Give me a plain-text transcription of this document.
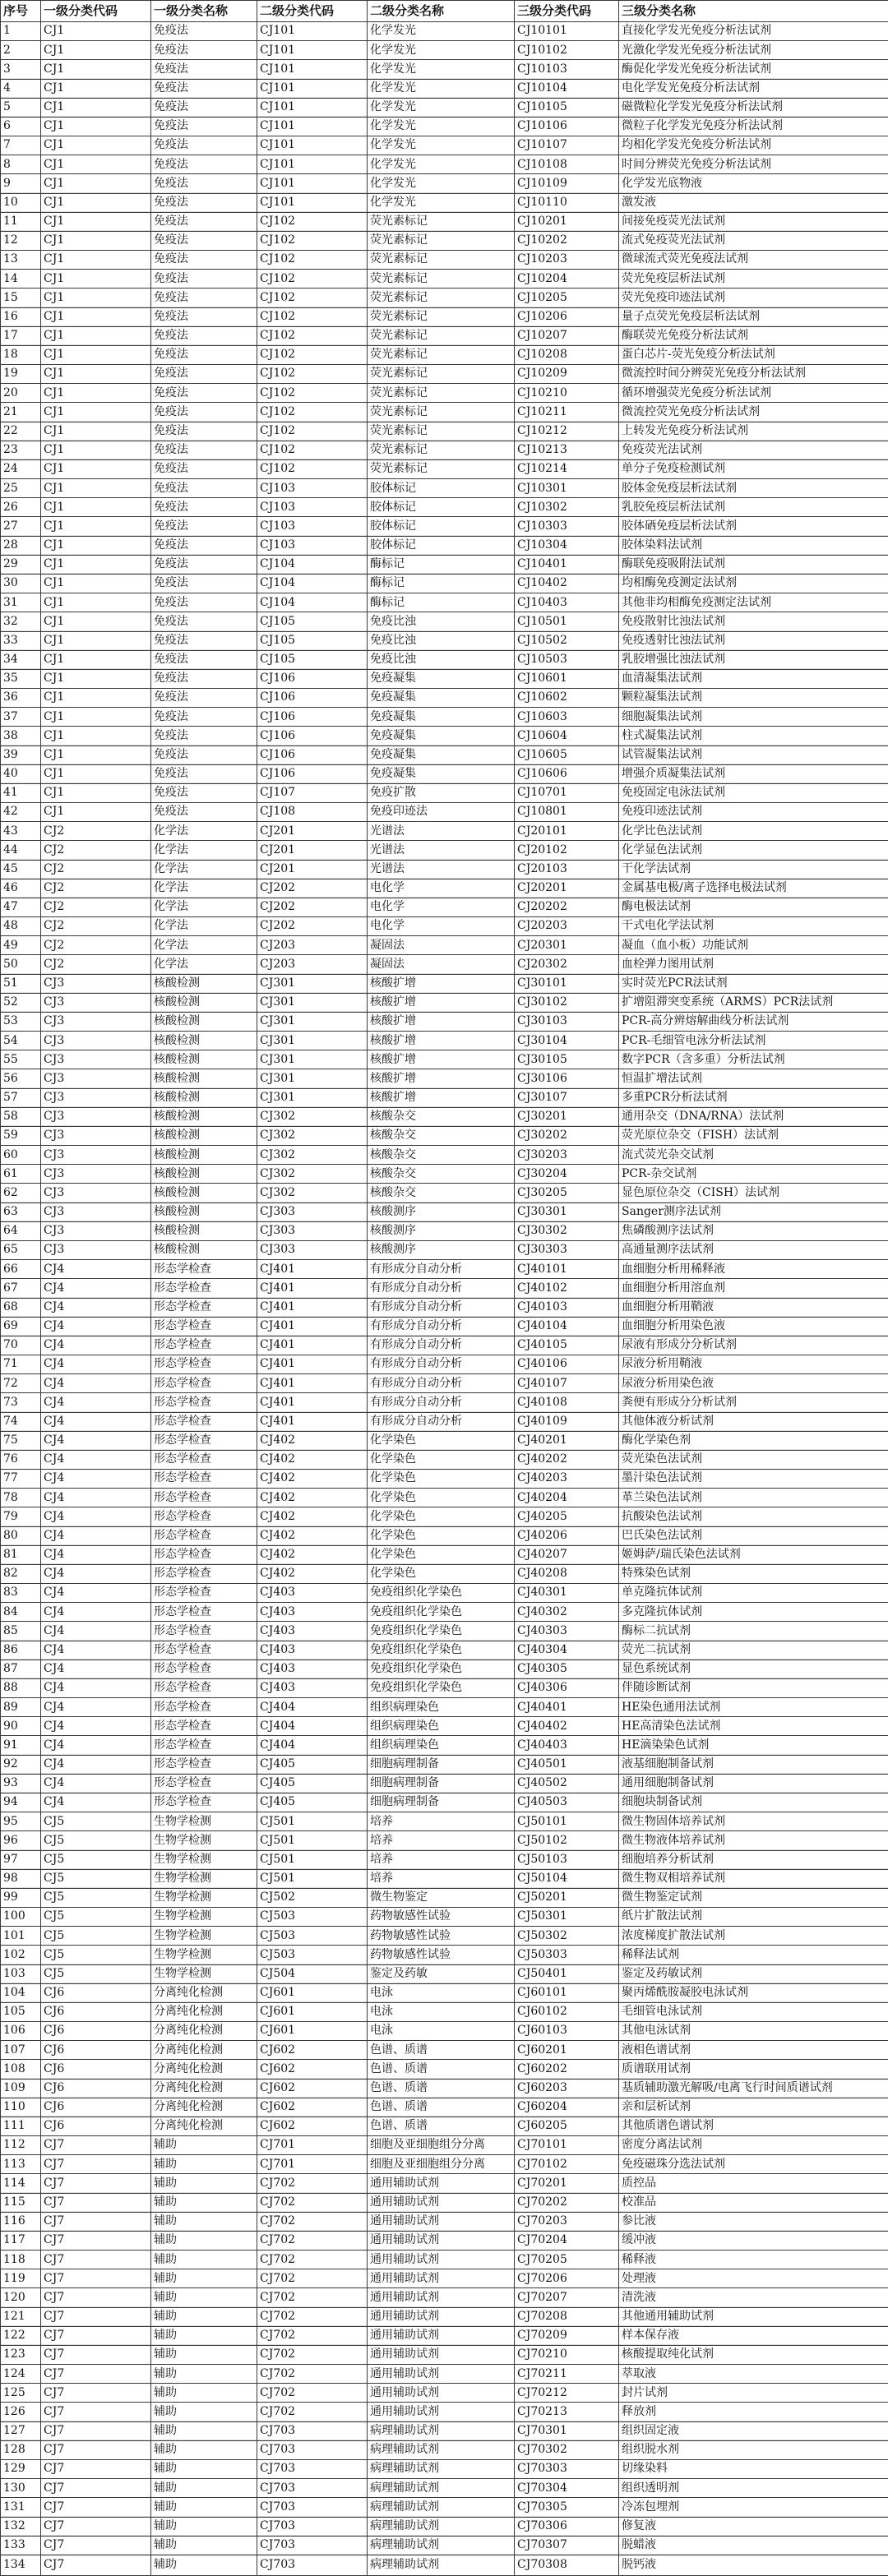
序号	一级分类代码	一级分类名称	二级分类代码	二级分类名称	三级分类代码	三级分类名称
1	CJ1	免疫法	CJ101	化学发光	CJ10101	直接化学发光免疫分析法试剂
2	CJ1	免疫法	CJ101	化学发光	CJ10102	光激化学发光免疫分析法试剂
3	CJ1	免疫法	CJ101	化学发光	CJ10103	酶促化学发光免疫分析法试剂
4	CJ1	免疫法	CJ101	化学发光	CJ10104	电化学发光免疫分析法试剂
5	CJ1	免疫法	CJ101	化学发光	CJ10105	磁微粒化学发光免疫分析法试剂
6	CJ1	免疫法	CJ101	化学发光	CJ10106	微粒子化学发光免疫分析法试剂
7	CJ1	免疫法	CJ101	化学发光	CJ10107	均相化学发光免疫分析法试剂
8	CJ1	免疫法	CJ101	化学发光	CJ10108	时间分辨荧光免疫分析法试剂
9	CJ1	免疫法	CJ101	化学发光	CJ10109	化学发光底物液
10	CJ1	免疫法	CJ101	化学发光	CJ10110	激发液
11	CJ1	免疫法	CJ102	荧光素标记	CJ10201	间接免疫荧光法试剂
12	CJ1	免疫法	CJ102	荧光素标记	CJ10202	流式免疫荧光法试剂
13	CJ1	免疫法	CJ102	荧光素标记	CJ10203	微球流式荧光免疫法试剂
14	CJ1	免疫法	CJ102	荧光素标记	CJ10204	荧光免疫层析法试剂
15	CJ1	免疫法	CJ102	荧光素标记	CJ10205	荧光免疫印迹法试剂
16	CJ1	免疫法	CJ102	荧光素标记	CJ10206	量子点荧光免疫层析法试剂
17	CJ1	免疫法	CJ102	荧光素标记	CJ10207	酶联荧光免疫分析法试剂
18	CJ1	免疫法	CJ102	荧光素标记	CJ10208	蛋白芯片-荧光免疫分析法试剂
19	CJ1	免疫法	CJ102	荧光素标记	CJ10209	微流控时间分辨荧光免疫分析法试剂
20	CJ1	免疫法	CJ102	荧光素标记	CJ10210	循环增强荧光免疫分析法试剂
21	CJ1	免疫法	CJ102	荧光素标记	CJ10211	微流控荧光免疫分析法试剂
22	CJ1	免疫法	CJ102	荧光素标记	CJ10212	上转发光免疫分析法试剂
23	CJ1	免疫法	CJ102	荧光素标记	CJ10213	免疫荧光法试剂
24	CJ1	免疫法	CJ102	荧光素标记	CJ10214	单分子免疫检测试剂
25	CJ1	免疫法	CJ103	胶体标记	CJ10301	胶体金免疫层析法试剂
26	CJ1	免疫法	CJ103	胶体标记	CJ10302	乳胶免疫层析法试剂
27	CJ1	免疫法	CJ103	胶体标记	CJ10303	胶体硒免疫层析法试剂
28	CJ1	免疫法	CJ103	胶体标记	CJ10304	胶体染料法试剂
29	CJ1	免疫法	CJ104	酶标记	CJ10401	酶联免疫吸附法试剂
30	CJ1	免疫法	CJ104	酶标记	CJ10402	均相酶免疫测定法试剂
31	CJ1	免疫法	CJ104	酶标记	CJ10403	其他非均相酶免疫测定法试剂
32	CJ1	免疫法	CJ105	免疫比浊	CJ10501	免疫散射比浊法试剂
33	CJ1	免疫法	CJ105	免疫比浊	CJ10502	免疫透射比浊法试剂
34	CJ1	免疫法	CJ105	免疫比浊	CJ10503	乳胶增强比浊法试剂
35	CJ1	免疫法	CJ106	免疫凝集	CJ10601	血清凝集法试剂
36	CJ1	免疫法	CJ106	免疫凝集	CJ10602	颗粒凝集法试剂
37	CJ1	免疫法	CJ106	免疫凝集	CJ10603	细胞凝集法试剂
38	CJ1	免疫法	CJ106	免疫凝集	CJ10604	柱式凝集法试剂
39	CJ1	免疫法	CJ106	免疫凝集	CJ10605	试管凝集法试剂
40	CJ1	免疫法	CJ106	免疫凝集	CJ10606	增强介质凝集法试剂
41	CJ1	免疫法	CJ107	免疫扩散	CJ10701	免疫固定电泳法试剂
42	CJ1	免疫法	CJ108	免疫印迹法	CJ10801	免疫印迹法试剂
43	CJ2	化学法	CJ201	光谱法	CJ20101	化学比色法试剂
44	CJ2	化学法	CJ201	光谱法	CJ20102	化学显色法试剂
45	CJ2	化学法	CJ201	光谱法	CJ20103	干化学法试剂
46	CJ2	化学法	CJ202	电化学	CJ20201	金属基电极/离子选择电极法试剂
47	CJ2	化学法	CJ202	电化学	CJ20202	酶电极法试剂
48	CJ2	化学法	CJ202	电化学	CJ20203	干式电化学法试剂
49	CJ2	化学法	CJ203	凝固法	CJ20301	凝血（血小板）功能试剂
50	CJ2	化学法	CJ203	凝固法	CJ20302	血栓弹力图用试剂
51	CJ3	核酸检测	CJ301	核酸扩增	CJ30101	实时荧光PCR法试剂
52	CJ3	核酸检测	CJ301	核酸扩增	CJ30102	扩增阻滞突变系统（ARMS）PCR法试剂
53	CJ3	核酸检测	CJ301	核酸扩增	CJ30103	PCR-高分辨熔解曲线分析法试剂
54	CJ3	核酸检测	CJ301	核酸扩增	CJ30104	PCR-毛细管电泳分析法试剂
55	CJ3	核酸检测	CJ301	核酸扩增	CJ30105	数字PCR（含多重）分析法试剂
56	CJ3	核酸检测	CJ301	核酸扩增	CJ30106	恒温扩增法试剂
57	CJ3	核酸检测	CJ301	核酸扩增	CJ30107	多重PCR分析法试剂
58	CJ3	核酸检测	CJ302	核酸杂交	CJ30201	通用杂交（DNA/RNA）法试剂
59	CJ3	核酸检测	CJ302	核酸杂交	CJ30202	荧光原位杂交（FISH）法试剂
60	CJ3	核酸检测	CJ302	核酸杂交	CJ30203	流式荧光杂交试剂
61	CJ3	核酸检测	CJ302	核酸杂交	CJ30204	PCR-杂交试剂
62	CJ3	核酸检测	CJ302	核酸杂交	CJ30205	显色原位杂交（CISH）法试剂
63	CJ3	核酸检测	CJ303	核酸测序	CJ30301	Sanger测序法试剂
64	CJ3	核酸检测	CJ303	核酸测序	CJ30302	焦磷酸测序法试剂
65	CJ3	核酸检测	CJ303	核酸测序	CJ30303	高通量测序法试剂
66	CJ4	形态学检查	CJ401	有形成分自动分析	CJ40101	血细胞分析用稀释液
67	CJ4	形态学检查	CJ401	有形成分自动分析	CJ40102	血细胞分析用溶血剂
68	CJ4	形态学检查	CJ401	有形成分自动分析	CJ40103	血细胞分析用鞘液
69	CJ4	形态学检查	CJ401	有形成分自动分析	CJ40104	血细胞分析用染色液
70	CJ4	形态学检查	CJ401	有形成分自动分析	CJ40105	尿液有形成分分析试剂
71	CJ4	形态学检查	CJ401	有形成分自动分析	CJ40106	尿液分析用鞘液
72	CJ4	形态学检查	CJ401	有形成分自动分析	CJ40107	尿液分析用染色液
73	CJ4	形态学检查	CJ401	有形成分自动分析	CJ40108	粪便有形成分分析试剂
74	CJ4	形态学检查	CJ401	有形成分自动分析	CJ40109	其他体液分析试剂
75	CJ4	形态学检查	CJ402	化学染色	CJ40201	酶化学染色剂
76	CJ4	形态学检查	CJ402	化学染色	CJ40202	荧光染色法试剂
77	CJ4	形态学检查	CJ402	化学染色	CJ40203	墨汁染色法试剂
78	CJ4	形态学检查	CJ402	化学染色	CJ40204	革兰染色法试剂
79	CJ4	形态学检查	CJ402	化学染色	CJ40205	抗酸染色法试剂
80	CJ4	形态学检查	CJ402	化学染色	CJ40206	巴氏染色法试剂
81	CJ4	形态学检查	CJ402	化学染色	CJ40207	姬姆萨/瑞氏染色法试剂
82	CJ4	形态学检查	CJ402	化学染色	CJ40208	特殊染色试剂
83	CJ4	形态学检查	CJ403	免疫组织化学染色	CJ40301	单克隆抗体试剂
84	CJ4	形态学检查	CJ403	免疫组织化学染色	CJ40302	多克隆抗体试剂
85	CJ4	形态学检查	CJ403	免疫组织化学染色	CJ40303	酶标二抗试剂
86	CJ4	形态学检查	CJ403	免疫组织化学染色	CJ40304	荧光二抗试剂
87	CJ4	形态学检查	CJ403	免疫组织化学染色	CJ40305	显色系统试剂
88	CJ4	形态学检查	CJ403	免疫组织化学染色	CJ40306	伴随诊断试剂
89	CJ4	形态学检查	CJ404	组织病理染色	CJ40401	HE染色通用法试剂
90	CJ4	形态学检查	CJ404	组织病理染色	CJ40402	HE高清染色法试剂
91	CJ4	形态学检查	CJ404	组织病理染色	CJ40403	HE滴染染色试剂
92	CJ4	形态学检查	CJ405	细胞病理制备	CJ40501	液基细胞制备试剂
93	CJ4	形态学检查	CJ405	细胞病理制备	CJ40502	通用细胞制备试剂
94	CJ4	形态学检查	CJ405	细胞病理制备	CJ40503	细胞块制备试剂
95	CJ5	生物学检测	CJ501	培养	CJ50101	微生物固体培养试剂
96	CJ5	生物学检测	CJ501	培养	CJ50102	微生物液体培养试剂
97	CJ5	生物学检测	CJ501	培养	CJ50103	细胞培养分析试剂
98	CJ5	生物学检测	CJ501	培养	CJ50104	微生物双相培养试剂
99	CJ5	生物学检测	CJ502	微生物鉴定	CJ50201	微生物鉴定试剂
100	CJ5	生物学检测	CJ503	药物敏感性试验	CJ50301	纸片扩散法试剂
101	CJ5	生物学检测	CJ503	药物敏感性试验	CJ50302	浓度梯度扩散法试剂
102	CJ5	生物学检测	CJ503	药物敏感性试验	CJ50303	稀释法试剂
103	CJ5	生物学检测	CJ504	鉴定及药敏	CJ50401	鉴定及药敏试剂
104	CJ6	分离纯化检测	CJ601	电泳	CJ60101	聚丙烯酰胺凝胶电泳试剂
105	CJ6	分离纯化检测	CJ601	电泳	CJ60102	毛细管电泳试剂
106	CJ6	分离纯化检测	CJ601	电泳	CJ60103	其他电泳试剂
107	CJ6	分离纯化检测	CJ602	色谱、质谱	CJ60201	液相色谱试剂
108	CJ6	分离纯化检测	CJ602	色谱、质谱	CJ60202	质谱联用试剂
109	CJ6	分离纯化检测	CJ602	色谱、质谱	CJ60203	基质辅助激光解吸/电离飞行时间质谱试剂
110	CJ6	分离纯化检测	CJ602	色谱、质谱	CJ60204	亲和层析试剂
111	CJ6	分离纯化检测	CJ602	色谱、质谱	CJ60205	其他质谱色谱试剂
112	CJ7	辅助	CJ701	细胞及亚细胞组分分离	CJ70101	密度分离法试剂
113	CJ7	辅助	CJ701	细胞及亚细胞组分分离	CJ70102	免疫磁珠分选法试剂
114	CJ7	辅助	CJ702	通用辅助试剂	CJ70201	质控品
115	CJ7	辅助	CJ702	通用辅助试剂	CJ70202	校准品
116	CJ7	辅助	CJ702	通用辅助试剂	CJ70203	参比液
117	CJ7	辅助	CJ702	通用辅助试剂	CJ70204	缓冲液
118	CJ7	辅助	CJ702	通用辅助试剂	CJ70205	稀释液
119	CJ7	辅助	CJ702	通用辅助试剂	CJ70206	处理液
120	CJ7	辅助	CJ702	通用辅助试剂	CJ70207	清洗液
121	CJ7	辅助	CJ702	通用辅助试剂	CJ70208	其他通用辅助试剂
122	CJ7	辅助	CJ702	通用辅助试剂	CJ70209	样本保存液
123	CJ7	辅助	CJ702	通用辅助试剂	CJ70210	核酸提取纯化试剂
124	CJ7	辅助	CJ702	通用辅助试剂	CJ70211	萃取液
125	CJ7	辅助	CJ702	通用辅助试剂	CJ70212	封片试剂
126	CJ7	辅助	CJ702	通用辅助试剂	CJ70213	释放剂
127	CJ7	辅助	CJ703	病理辅助试剂	CJ70301	组织固定液
128	CJ7	辅助	CJ703	病理辅助试剂	CJ70302	组织脱水剂
129	CJ7	辅助	CJ703	病理辅助试剂	CJ70303	切缘染料
130	CJ7	辅助	CJ703	病理辅助试剂	CJ70304	组织透明剂
131	CJ7	辅助	CJ703	病理辅助试剂	CJ70305	冷冻包埋剂
132	CJ7	辅助	CJ703	病理辅助试剂	CJ70306	修复液
133	CJ7	辅助	CJ703	病理辅助试剂	CJ70307	脱蜡液
134	CJ7	辅助	CJ703	病理辅助试剂	CJ70308	脱钙液
